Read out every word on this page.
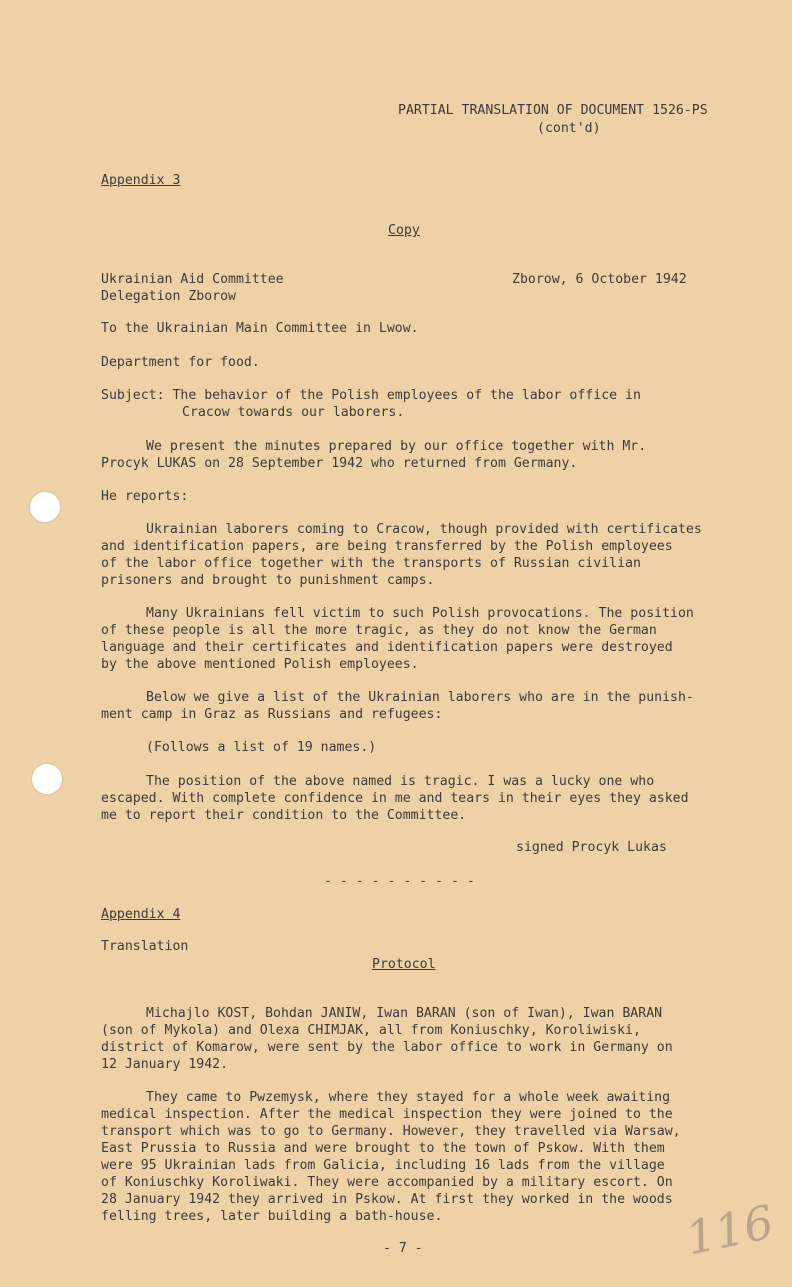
PARTIAL TRANSLATION OF DOCUMENT 1526-PS

(cont'd)

Appendix 3

Copy

Ukrainian Aid Committee

Delegation Zborow

Zborow, 6 October 1942

To the Ukrainian Main Committee in Lwow.

Department for food.

Subject: The behavior of the Polish employees of the labor office in

Cracow towards our laborers.

We present the minutes prepared by our office together with Mr.

Procyk LUKAS on 28 September 1942 who returned from Germany.

He reports:

Ukrainian laborers coming to Cracow, though provided with certificates

and identification papers, are being transferred by the Polish employees

of the labor office together with the transports of Russian civilian

prisoners and brought to punishment camps.

Many Ukrainians fell victim to such Polish provocations. The position

of these people is all the more tragic, as they do not know the German

language and their certificates and identification papers were destroyed

by the above mentioned Polish employees.

Below we give a list of the Ukrainian laborers who are in the punish-

ment camp in Graz as Russians and refugees:

(Follows a list of 19 names.)

The position of the above named is tragic. I was a lucky one who

escaped. With complete confidence in me and tears in their eyes they asked

me to report their condition to the Committee.

signed Procyk Lukas

- - - - - - - - - -

Appendix 4

Translation

Protocol

Michajlo KOST, Bohdan JANIW, Iwan BARAN (son of Iwan), Iwan BARAN

(son of Mykola) and Olexa CHIMJAK, all from Koniuschky, Koroliwiski,

district of Komarow, were sent by the labor office to work in Germany on

12 January 1942.

They came to Pwzemysk, where they stayed for a whole week awaiting

medical inspection. After the medical inspection they were joined to the

transport which was to go to Germany. However, they travelled via Warsaw,

East Prussia to Russia and were brought to the town of Pskow. With them

were 95 Ukrainian lads from Galicia, including 16 lads from the village

of Koniuschky Koroliwaki. They were accompanied by a military escort. On

28 January 1942 they arrived in Pskow. At first they worked in the woods

felling trees, later building a bath-house.

- 7 -	116
